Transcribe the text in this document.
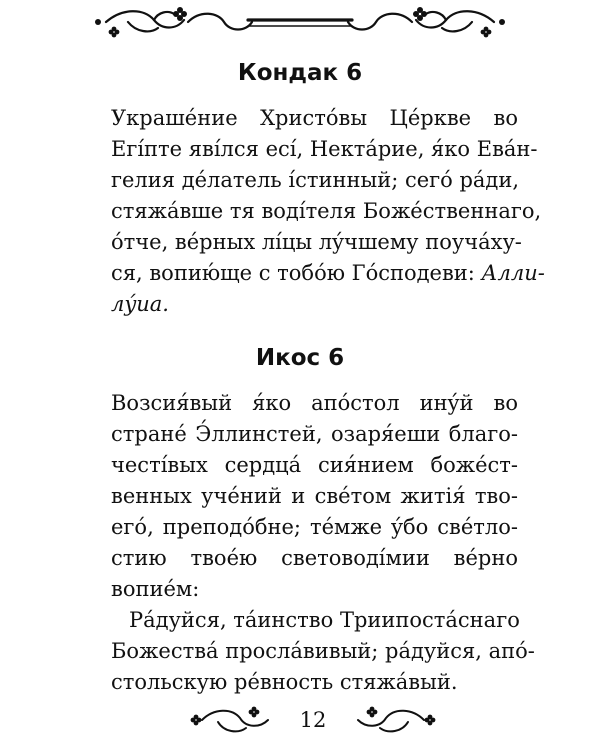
Кондак 6

Украшéние Христóвы Цéркве во

Егíпте явíлся есí, Нектáрие, я́ко Евáн-

гелия дéлатель íстинный; сегó рáди,

стяжáвше тя водíтеля Божéственнаго,

óтче, вéрных лíцы лýчшему поучáху-

ся, вопию́ще с тобóю Гóсподеви: Алли-

лýиа.

Икос 6

Возсия́вый я́ко апóстол инýй во

странé Э́ллинстей, озаря́еши благо-

честíвых сердцá сия́нием божéст-

венных учéний и свéтом житiя́ тво-

егó, преподóбне; тéмже ýбо свéтло-

стию твоéю световодíмии вéрно

вопиéм:

Рáдуйся, тáинство Триипостáснаго

Божествá прослáвивый; рáдуйся, апó-

стольскую рéвность стяжáвый.

12
